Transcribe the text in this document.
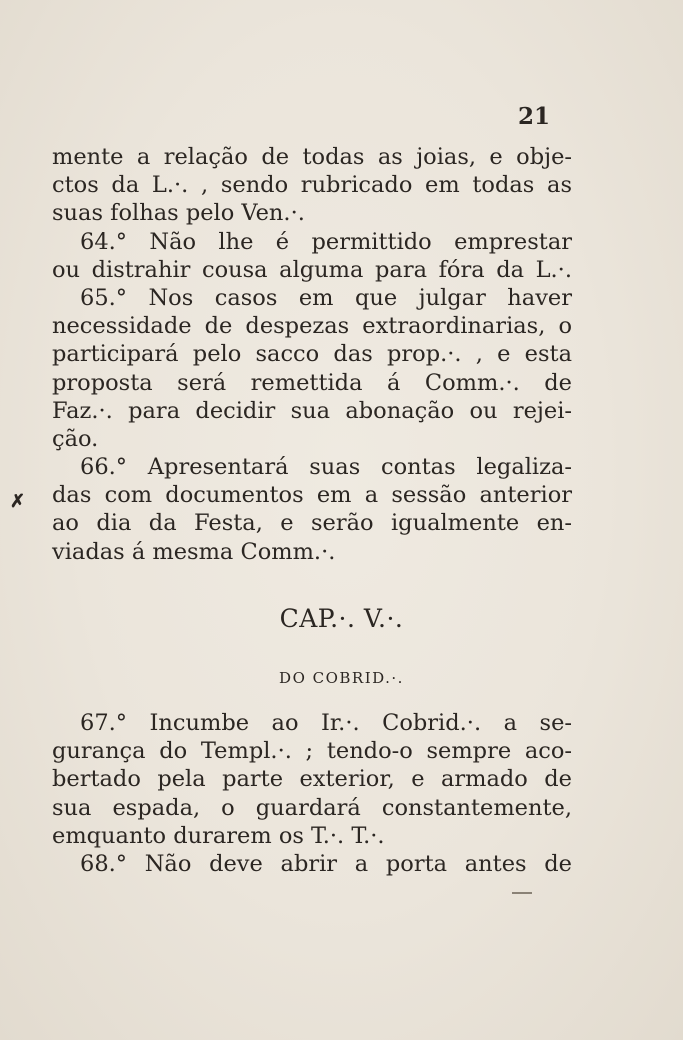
21
✗
mente a relação de todas as joias, e obje-
ctos da L.·. , sendo rubricado em todas as
suas folhas pelo Ven.·.
64.° Não lhe é permittido emprestar
ou distrahir cousa alguma para fóra da L.·.
65.° Nos casos em que julgar haver
necessidade de despezas extraordinarias, o
participará pelo sacco das prop.·. , e esta
proposta será remettida á Comm.·. de
Faz.·. para decidir sua abonação ou rejei-
ção.
66.° Apresentará suas contas legaliza-
das com documentos em a sessão anterior
ao dia da Festa, e serão igualmente en-
viadas á mesma Comm.·.
CAP.·. V.·.
DO COBRID.·.
67.° Incumbe ao Ir.·. Cobrid.·. a se-
gurança do Templ.·. ; tendo-o sempre aco-
bertado pela parte exterior, e armado de
sua espada, o guardará constantemente,
emquanto durarem os T.·. T.·.
68.° Não deve abrir a porta antes de
